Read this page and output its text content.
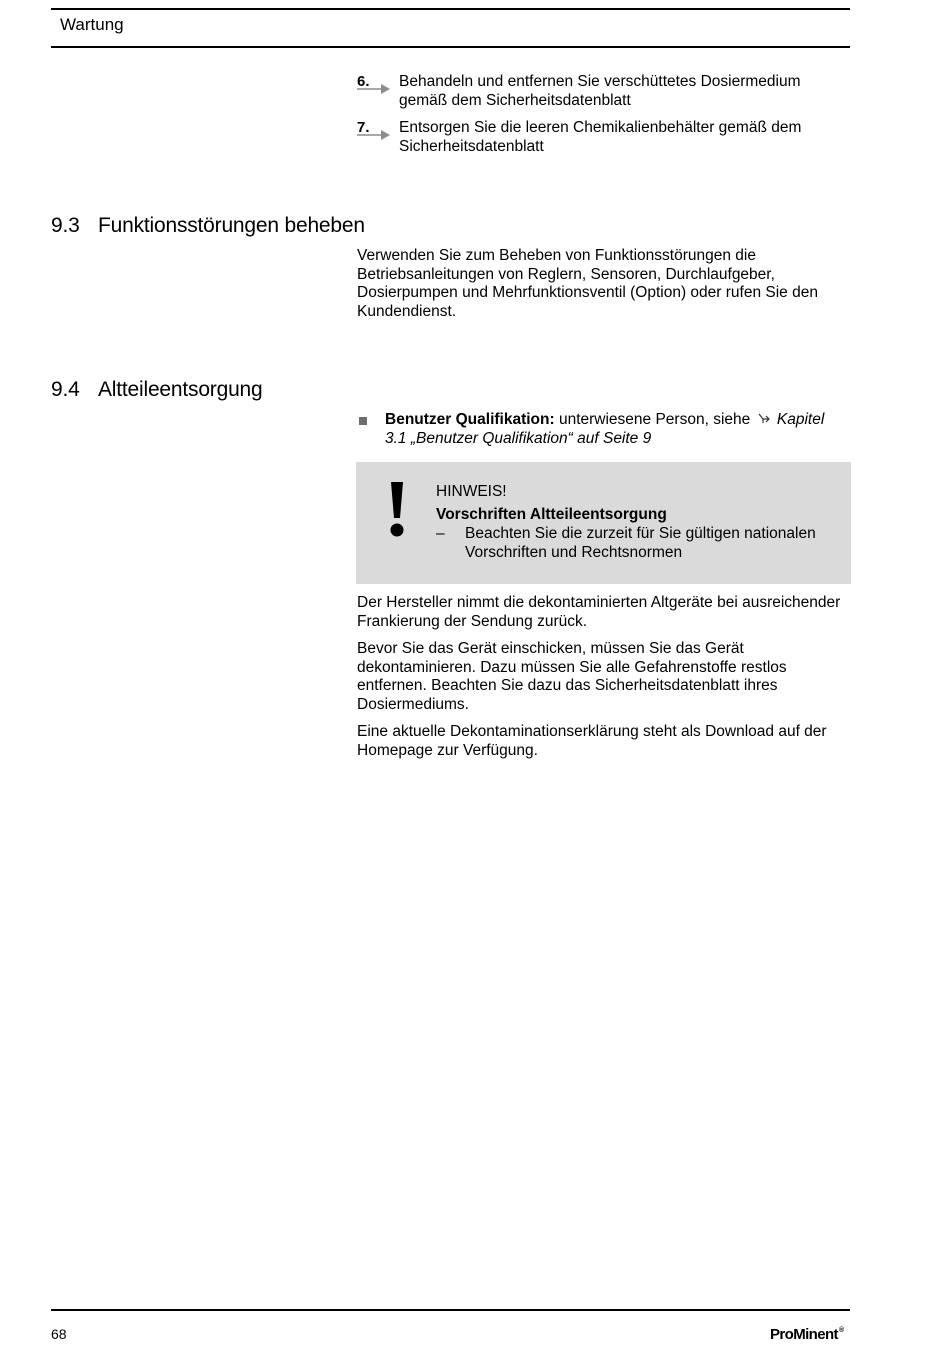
Wartung
6. Behandeln und entfernen Sie verschüttetes Dosiermedium gemäß dem Sicherheitsdatenblatt
7. Entsorgen Sie die leeren Chemikalienbehälter gemäß dem Sicherheitsdatenblatt
9.3 Funktionsstörungen beheben

Verwenden Sie zum Beheben von Funktionsstörungen die Betriebsanleitungen von Reglern, Sensoren, Durchlaufgeber, Dosierpumpen und Mehrfunktionsventil (Option) oder rufen Sie den Kundendienst.

9.4 Altteileentsorgung
Benutzer Qualifikation: unterwiesene Person, siehe Kapitel 3.1 „Benutzer Qualifikation“ auf Seite 9
HINWEIS!
Vorschriften Altteileentsorgung
– Beachten Sie die zurzeit für Sie gültigen nationalen Vorschriften und Rechtsnormen

Der Hersteller nimmt die dekontaminierten Altgeräte bei ausreichender Frankierung der Sendung zurück.

Bevor Sie das Gerät einschicken, müssen Sie das Gerät dekontaminieren. Dazu müssen Sie alle Gefahrenstoffe restlos entfernen. Beachten Sie dazu das Sicherheitsdatenblatt ihres Dosiermediums.

Eine aktuelle Dekontaminationserklärung steht als Download auf der Homepage zur Verfügung.

68	ProMinent®
